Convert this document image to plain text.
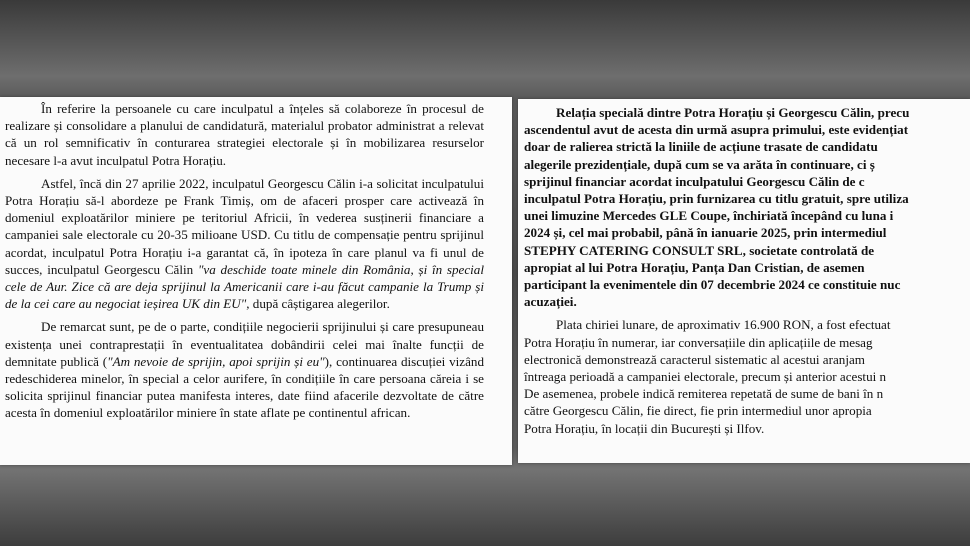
În referire la persoanele cu care inculpatul a înțeles să colaboreze în procesul de realizare și consolidare a planului de candidatură, materialul probator administrat a relevat că un rol semnificativ în conturarea strategiei electorale și în mobilizarea resurselor necesare l-a avut inculpatul Potra Horațiu.

Astfel, încă din 27 aprilie 2022, inculpatul Georgescu Călin i-a solicitat inculpatului Potra Horațiu să-l abordeze pe Frank Timiș, om de afaceri prosper care activează în domeniul exploatărilor miniere pe teritoriul Africii, în vederea susținerii financiare a campaniei sale electorale cu 20-35 milioane USD. Cu titlu de compensație pentru sprijinul acordat, inculpatul Potra Horațiu i-a garantat că, în ipoteza în care planul va fi unul de succes, inculpatul Georgescu Călin "va deschide toate minele din România, și în special cele de Aur. Zice că are deja sprijinul la Americanii care i-au făcut campanie la Trump și de la cei care au negociat ieșirea UK din EU", după câștigarea alegerilor.

De remarcat sunt, pe de o parte, condițiile negocierii sprijinului și care presupuneau existența unei contraprestații în eventualitatea dobândirii celei mai înalte funcții de demnitate publică ("Am nevoie de sprijin, apoi sprijin și eu"), continuarea discuției vizând redeschiderea minelor, în special a celor aurifere, în condițiile în care persoana căreia i se solicita sprijinul financiar putea manifesta interes, date fiind afacerile dezvoltate de către acesta în domeniul exploatărilor miniere în state aflate pe continentul african.

Relația specială dintre Potra Horațiu și Georgescu Călin, precu
ascendentul avut de acesta din urmă asupra primului, este evidențiat
doar de ralierea strictă la liniile de acțiune trasate de candidatu
alegerile prezidențiale, după cum se va arăta în continuare, ci ș
sprijinul financiar acordat inculpatului Georgescu Călin de c
inculpatul Potra Horațiu, prin furnizarea cu titlu gratuit, spre utiliza
unei limuzine Mercedes GLE Coupe, închiriată începând cu luna i
2024 și, cel mai probabil, până în ianuarie 2025, prin intermediul
STEPHY CATERING CONSULT SRL, societate controlată de
apropiat al lui Potra Horațiu, Panța Dan Cristian, de asemen
participant la evenimentele din 07 decembrie 2024 ce constituie nuc
acuzației.
Plata chiriei lunare, de aproximativ 16.900 RON, a fost efectuat
Potra Horațiu în numerar, iar conversațiile din aplicațiile de mesag
electronică demonstrează caracterul sistematic al acestui aranjam
întreaga perioadă a campaniei electorale, precum și anterior acestui n
De asemenea, probele indică remiterea repetată de sume de bani în n
către Georgescu Călin, fie direct, fie prin intermediul unor apropia
Potra Horațiu, în locații din București și Ilfov.
